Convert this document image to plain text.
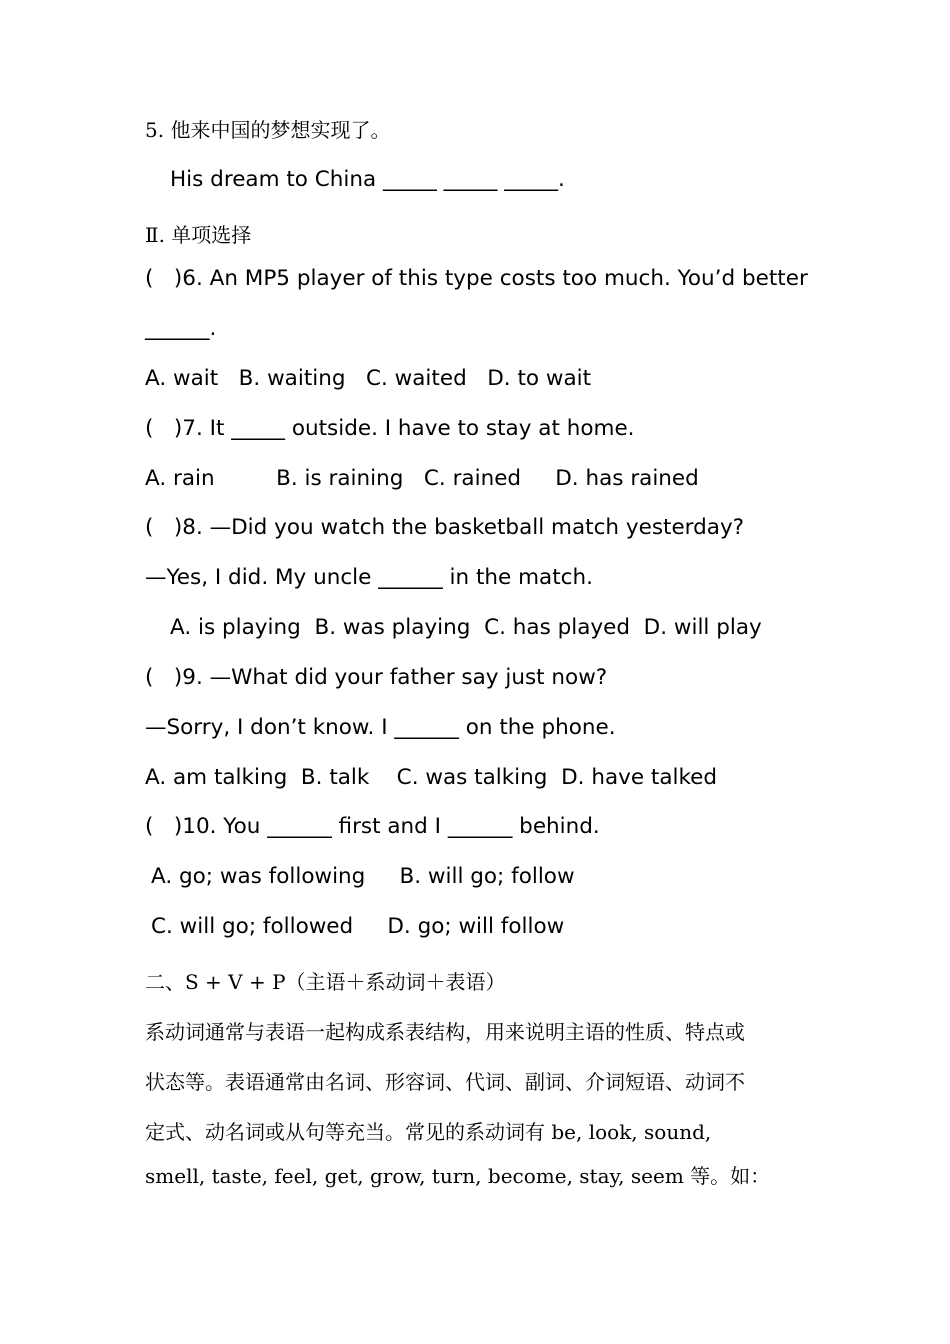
5. 他来中国的梦想实现了。

His dream to China _____ _____ _____.

Ⅱ. 单项选择

(   )6. An MP5 player of this type costs too much. You’d better

______.

A. wait   B. waiting   C. waited   D. to wait

(   )7. It _____ outside. I have to stay at home.

A. rain         B. is raining   C. rained     D. has rained

(   )8. —Did you watch the basketball match yesterday?

—Yes, I did. My uncle ______ in the match.

A. is playing  B. was playing  C. has played  D. will play

(   )9. —What did your father say just now?

—Sorry, I don’t know. I ______ on the phone.

A. am talking  B. talk    C. was talking  D. have talked

(   )10. You ______ first and I ______ behind.

A. go; was following     B. will go; follow

C. will go; followed     D. go; will follow

二、S + V + P（主语＋系动词＋表语）

系动词通常与表语一起构成系表结构，用来说明主语的性质、特点或

状态等。表语通常由名词、形容词、代词、副词、介词短语、动词不

定式、动名词或从句等充当。常见的系动词有 be, look, sound,

smell, taste, feel, get, grow, turn, become, stay, seem 等。如：
